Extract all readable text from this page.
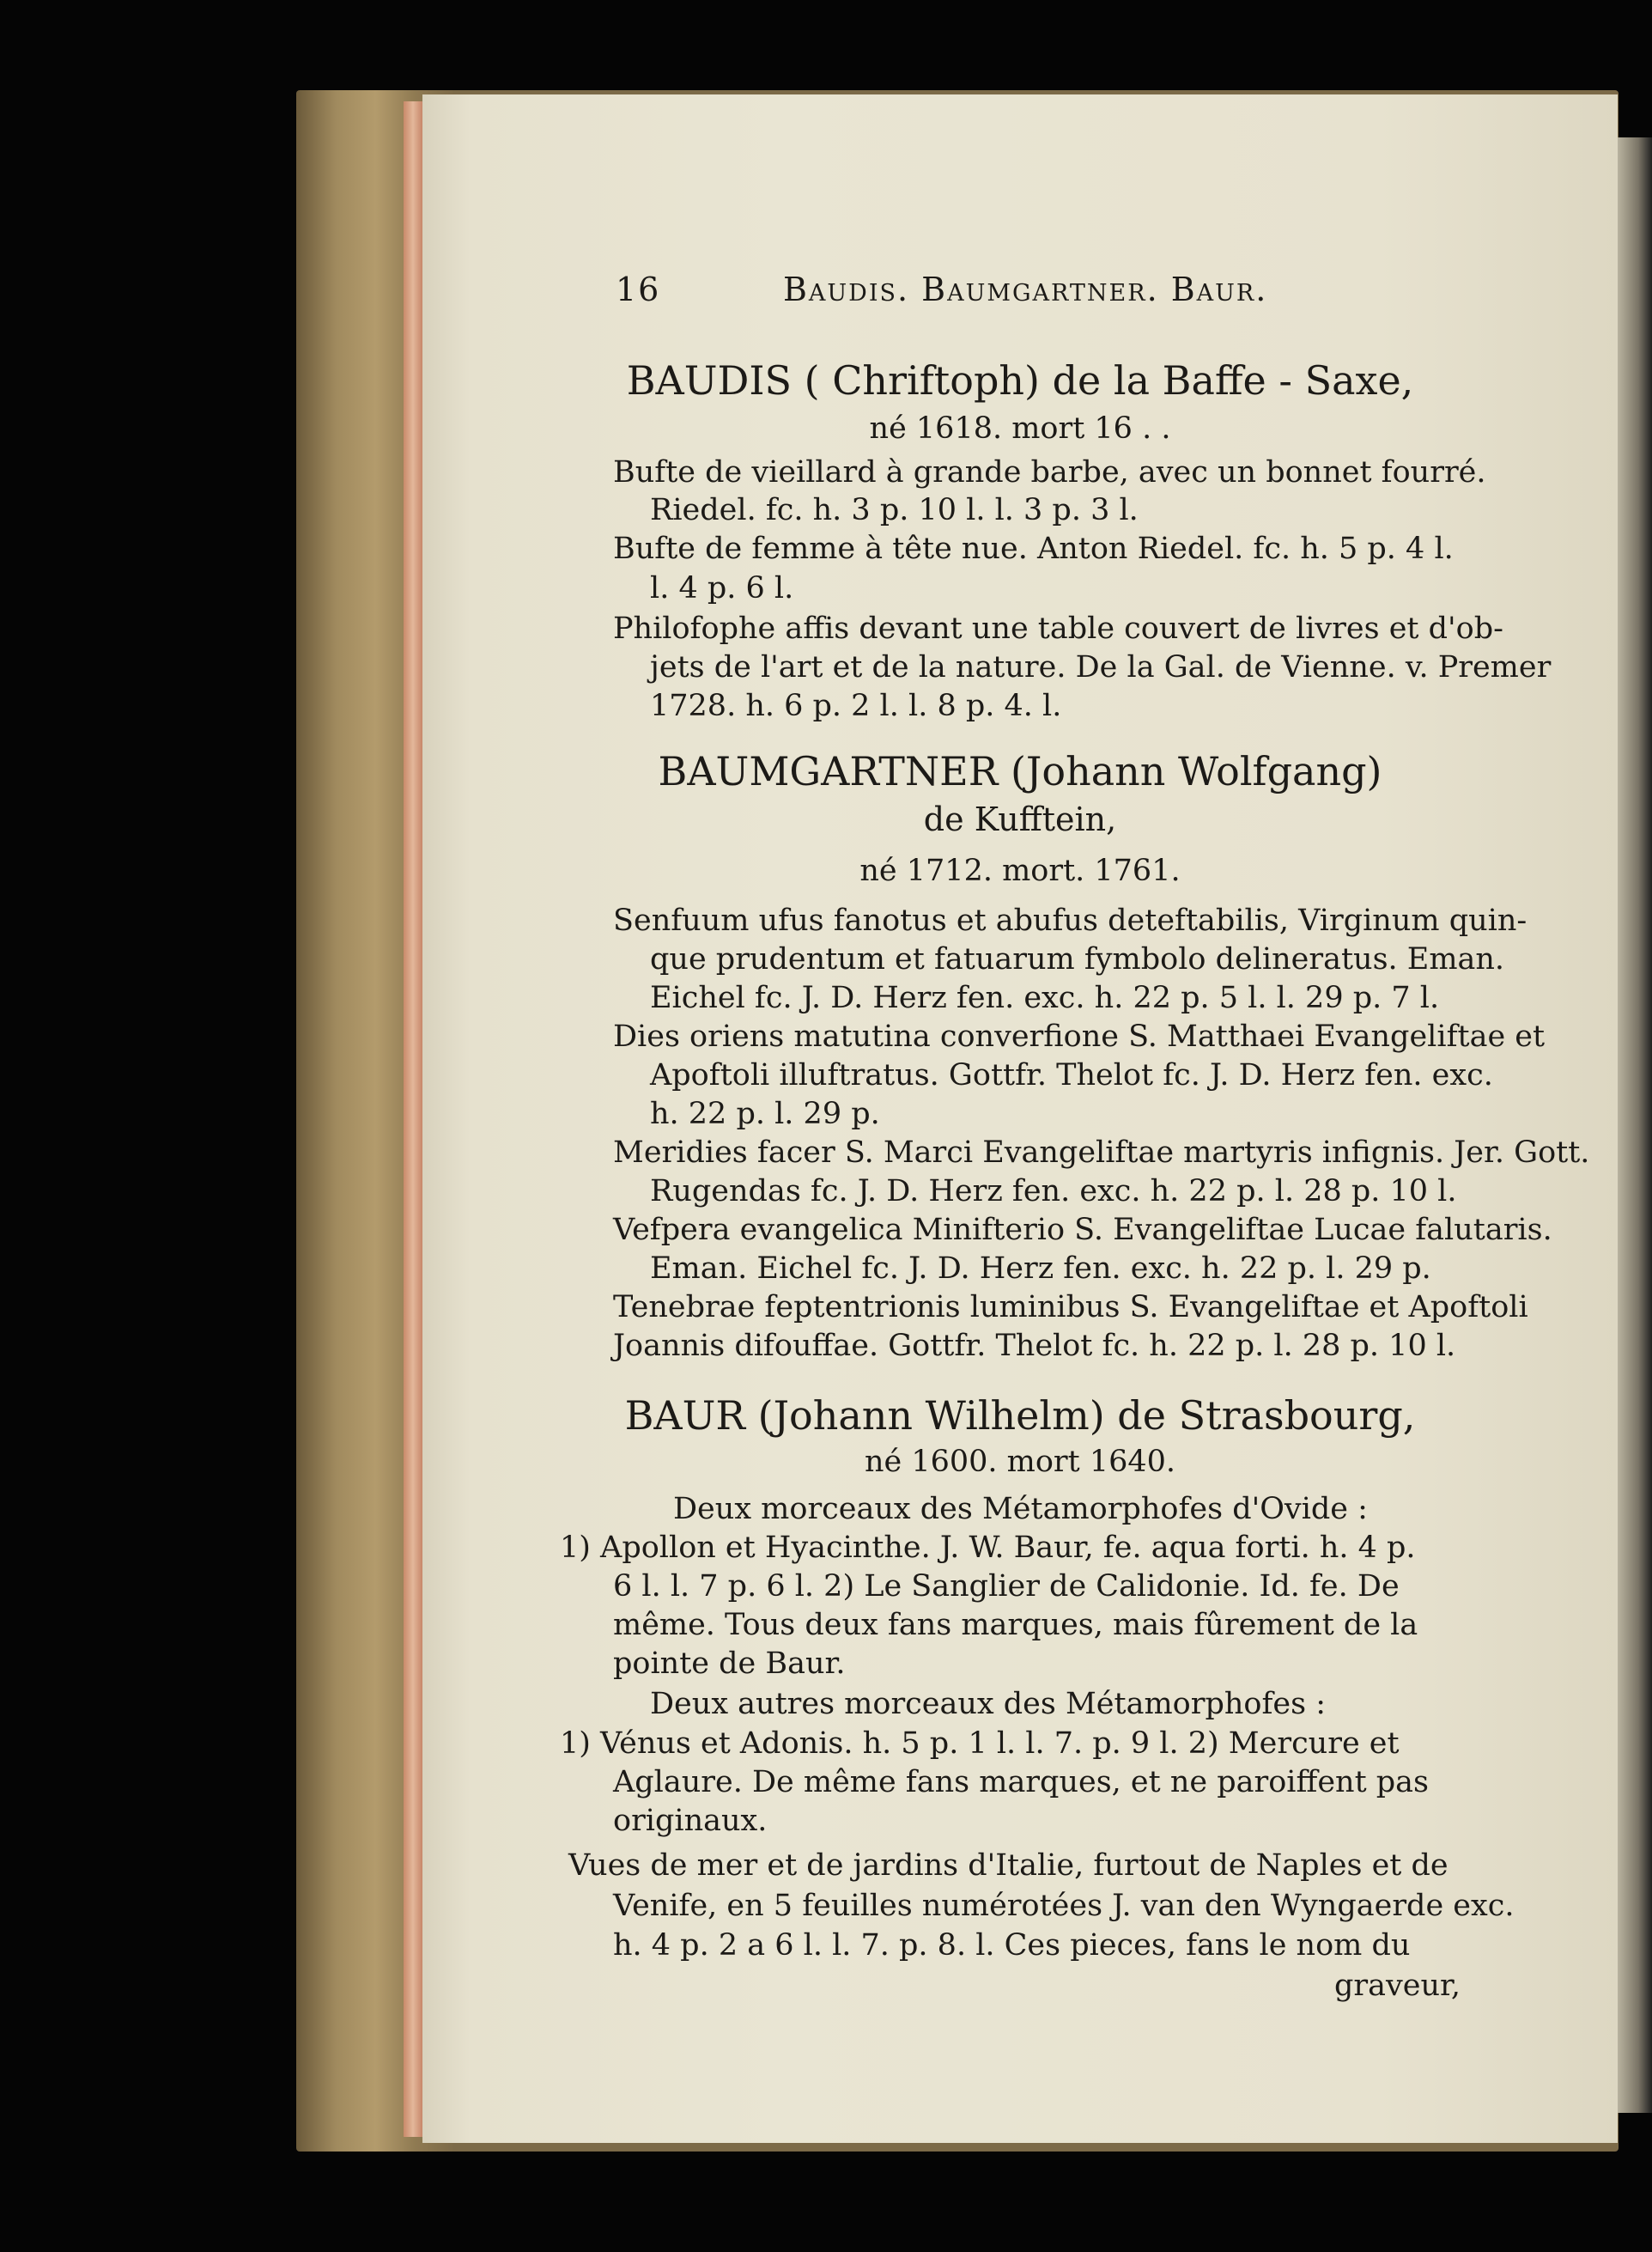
16	Baudis. Baumgartner. Baur.
BAUDIS ( Chriftoph) de la Baffe - Saxe,
né 1618. mort 16 . .
Bufte de vieillard à grande barbe, avec un bonnet fourré.
Riedel. fc. h. 3 p. 10 l. l. 3 p. 3 l.
Bufte de femme à tête nue. Anton Riedel. fc. h. 5 p. 4 l.
l. 4 p. 6 l.
Philofophe affis devant une table couvert de livres et d'ob-
jets de l'art et de la nature. De la Gal. de Vienne. v. Premer
1728. h. 6 p. 2 l. l. 8 p. 4. l.
BAUMGARTNER (Johann Wolfgang)
de Kufftein,
né 1712. mort. 1761.
Senfuum ufus fanotus et abufus deteftabilis, Virginum quin-
que prudentum et fatuarum fymbolo delineratus. Eman.
Eichel fc. J. D. Herz fen. exc. h. 22 p. 5 l. l. 29 p. 7 l.
Dies oriens matutina converfione S. Matthaei Evangeliftae et
Apoftoli illuftratus. Gottfr. Thelot fc. J. D. Herz fen. exc.
h. 22 p. l. 29 p.
Meridies facer S. Marci Evangeliftae martyris infignis. Jer. Gott.
Rugendas fc. J. D. Herz fen. exc. h. 22 p. l. 28 p. 10 l.
Vefpera evangelica Minifterio S. Evangeliftae Lucae falutaris.
Eman. Eichel fc. J. D. Herz fen. exc. h. 22 p. l. 29 p.
Tenebrae feptentrionis luminibus S. Evangeliftae et Apoftoli
Joannis difouffae. Gottfr. Thelot fc. h. 22 p. l. 28 p. 10 l.
BAUR (Johann Wilhelm) de Strasbourg,
né 1600. mort 1640.
Deux morceaux des Métamorphofes d'Ovide :
1) Apollon et Hyacinthe. J. W. Baur, fe. aqua forti. h. 4 p.
6 l. l. 7 p. 6 l. 2) Le Sanglier de Calidonie. Id. fe. De
même. Tous deux fans marques, mais fûrement de la
pointe de Baur.
Deux autres morceaux des Métamorphofes :
1) Vénus et Adonis. h. 5 p. 1 l. l. 7. p. 9 l. 2) Mercure et
Aglaure. De même fans marques, et ne paroiffent pas
originaux.
Vues de mer et de jardins d'Italie, furtout de Naples et de
Venife, en 5 feuilles numérotées J. van den Wyngaerde exc.
h. 4 p. 2 a 6 l. l. 7. p. 8. l. Ces pieces, fans le nom du
graveur,
